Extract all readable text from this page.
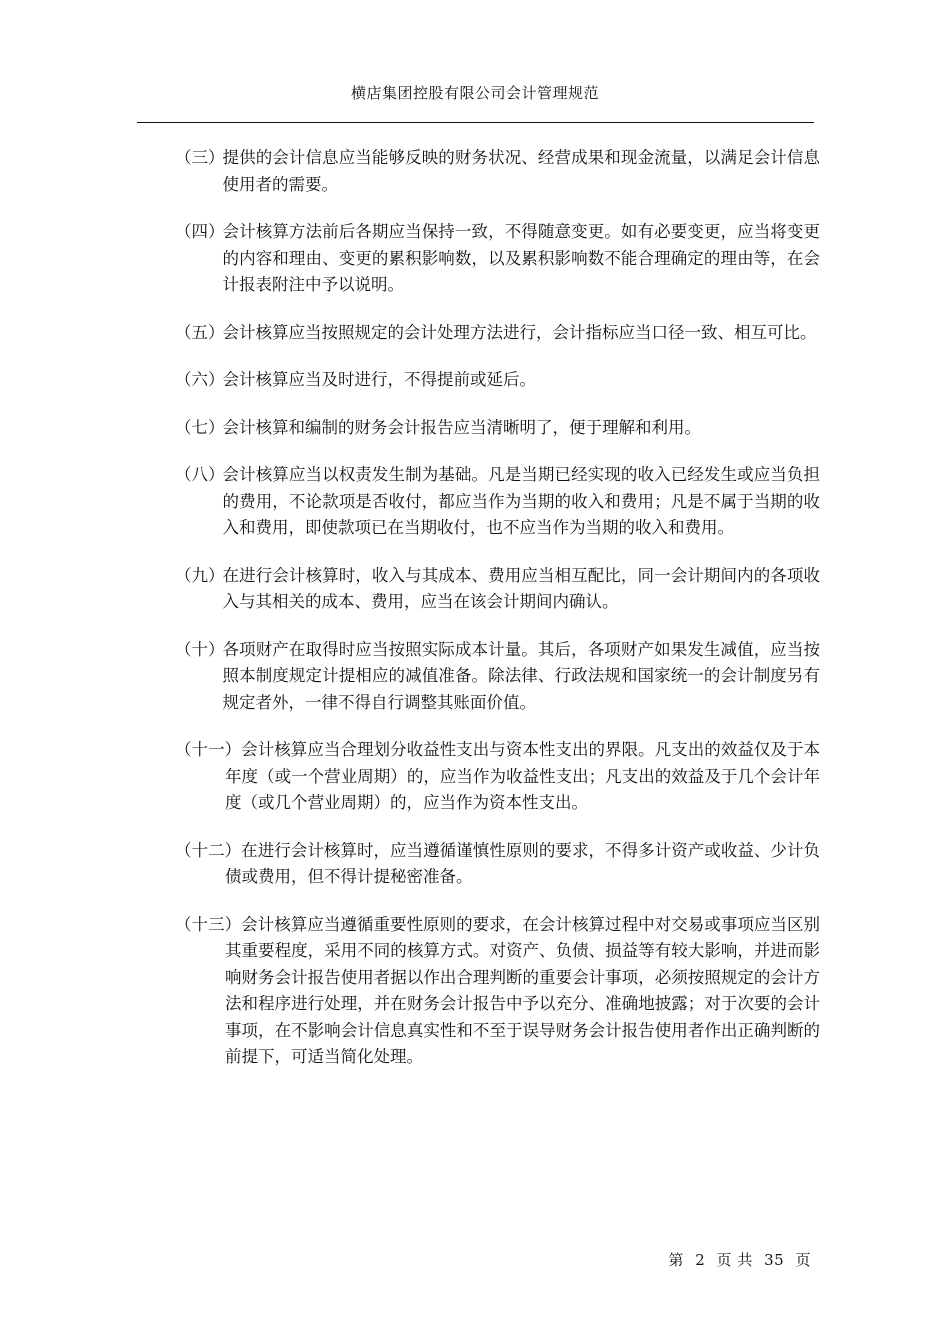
横店集团控股有限公司会计管理规范
（三）
提供的会计信息应当能够反映的财务状况、经营成果和现金流量，以满足会计信息使用者的需要。
（四）
会计核算方法前后各期应当保持一致，不得随意变更。如有必要变更，应当将变更的内容和理由、变更的累积影响数，以及累积影响数不能合理确定的理由等，在会计报表附注中予以说明。
（五）
会计核算应当按照规定的会计处理方法进行，会计指标应当口径一致、相互可比。
（六）
会计核算应当及时进行，不得提前或延后。
（七）
会计核算和编制的财务会计报告应当清晰明了，便于理解和利用。
（八）
会计核算应当以权责发生制为基础。凡是当期已经实现的收入已经发生或应当负担的费用，不论款项是否收付，都应当作为当期的收入和费用；凡是不属于当期的收入和费用，即使款项已在当期收付，也不应当作为当期的收入和费用。
（九）
在进行会计核算时，收入与其成本、费用应当相互配比，同一会计期间内的各项收入与其相关的成本、费用，应当在该会计期间内确认。
（十）
各项财产在取得时应当按照实际成本计量。其后，各项财产如果发生减值，应当按照本制度规定计提相应的减值准备。除法律、行政法规和国家统一的会计制度另有规定者外，一律不得自行调整其账面价值。
（十一）会计核算应当合理划分收益性支出与资本性支出的界限。凡支出的效益仅及于本年度（或一个营业周期）的，应当作为收益性支出；凡支出的效益及于几个会计年度（或几个营业周期）的，应当作为资本性支出。
（十二）在进行会计核算时，应当遵循谨慎性原则的要求，不得多计资产或收益、少计负债或费用，但不得计提秘密准备。
（十三）会计核算应当遵循重要性原则的要求，在会计核算过程中对交易或事项应当区别其重要程度，采用不同的核算方式。对资产、负债、损益等有较大影响，并进而影响财务会计报告使用者据以作出合理判断的重要会计事项，必须按照规定的会计方法和程序进行处理，并在财务会计报告中予以充分、准确地披露；对于次要的会计事项，在不影响会计信息真实性和不至于误导财务会计报告使用者作出正确判断的前提下，可适当简化处理。
第 2 页 共 35 页
